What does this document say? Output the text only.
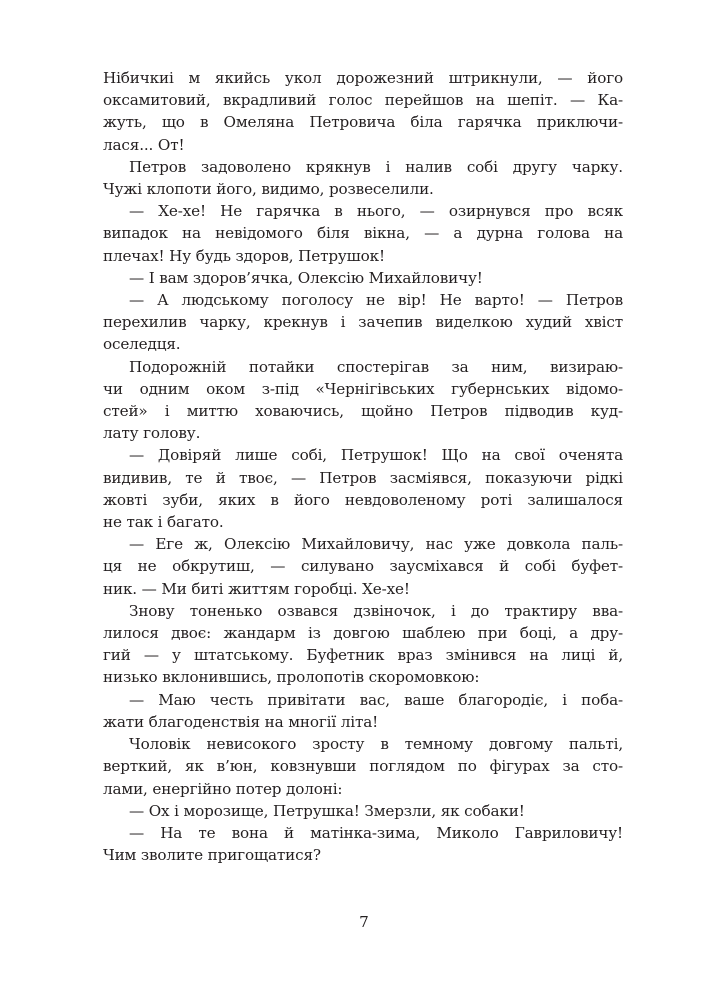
Нібичкиі м якийсь укол дорожезний штрикнули, — його
оксамитовий, вкрадливий голос перейшов на шепіт. — Ка-
жуть, що в Омеляна Петровича біла гарячка приключи-
лася... От!
Петров задоволено крякнув і налив собі другу чарку.
Чужі клопоти його, видимо, розвеселили.
— Хе-хе! Не гарячка в нього, — озирнувся про всяк
випадок на невідомого біля вікна, — а дурна голова на
плечах! Ну будь здоров, Петрушок!
— І вам здоров’ячка, Олексію Михайловичу!
— А людському поголосу не вір! Не варто! — Петров
перехилив чарку, крекнув і зачепив виделкою худий хвіст
оселедця.
Подорожній потайки спостерігав за ним, визираю-
чи одним оком з-під «Чернігівських губернських відомо-
стей» і миттю ховаючись, щойно Петров підводив куд-
лату голову.
— Довіряй лише собі, Петрушок! Що на свої оченята
видивив, те й твоє, — Петров засміявся, показуючи рідкі
жовті зуби, яких в його невдоволеному роті залишалося
не так і багато.
— Еге ж, Олексію Михайловичу, нас уже довкола паль-
ця не обкрутиш, — силувано заусміхався й собі буфет-
ник. — Ми биті життям горобці. Хе-хе!
Знову тоненько озвався дзвіночок, і до трактиру вва-
лилося двоє: жандарм із довгою шаблею при боці, а дру-
гий — у штатському. Буфетник враз змінився на лиці й,
низько вклонившись, пролопотів скоромовкою:
— Маю честь привітати вас, ваше благородіє, і поба-
жати благоденствія на многії літа!
Чоловік невисокого зросту в темному довгому пальті,
верткий, як в’юн, ковзнувши поглядом по фігурах за сто-
лами, енергійно потер долоні:
— Ох і морозище, Петрушка! Змерзли, як собаки!
— На те вона й матінка-зима, Миколо Гавриловичу!
Чим зволите пригощатися?
7
